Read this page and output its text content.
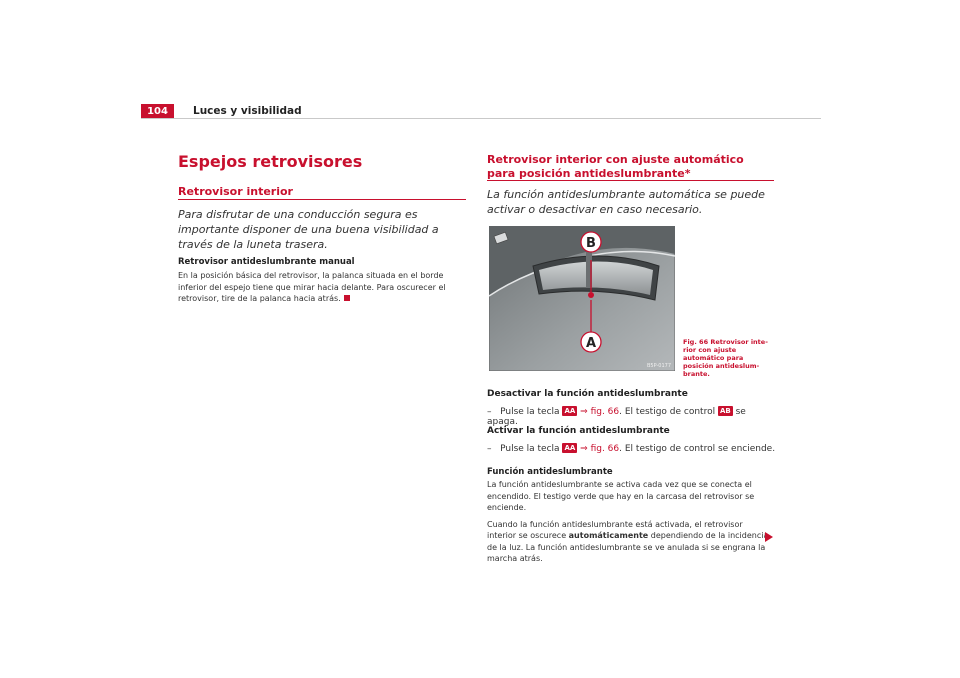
104	Luces y visibilidad
Espejos retrovisores
Retrovisor interior
Para disfrutar de una conducción segura es importante disponer de una buena visibilidad a través de la luneta trasera.
Retrovisor antideslumbrante manual
En la posición básica del retrovisor, la palanca situada en el borde inferior del espejo tiene que mirar hacia delante. Para oscurecer el retrovisor, tire de la palanca hacia atrás.
Retrovisor interior con ajuste automático para posición antideslumbrante*
La función antideslumbrante automática se puede activar o desactivar en caso necesario.
B
A
B5P-0177
Fig. 66 Retrovisor inte- rior con ajuste automático para posición antideslum- brante.
Desactivar la función antideslumbrante
– Pulse la tecla AA ⇒ fig. 66. El testigo de control AB se apaga.
Activar la función antideslumbrante
– Pulse la tecla AA ⇒ fig. 66. El testigo de control se enciende.
Función antideslumbrante
La función antideslumbrante se activa cada vez que se conecta el encendido. El testigo verde que hay en la carcasa del retrovisor se enciende.
Cuando la función antideslumbrante está activada, el retrovisor interior se oscurece automáticamente dependiendo de la incidencia de la luz. La función antideslumbrante se ve anulada si se engrana la marcha atrás.
